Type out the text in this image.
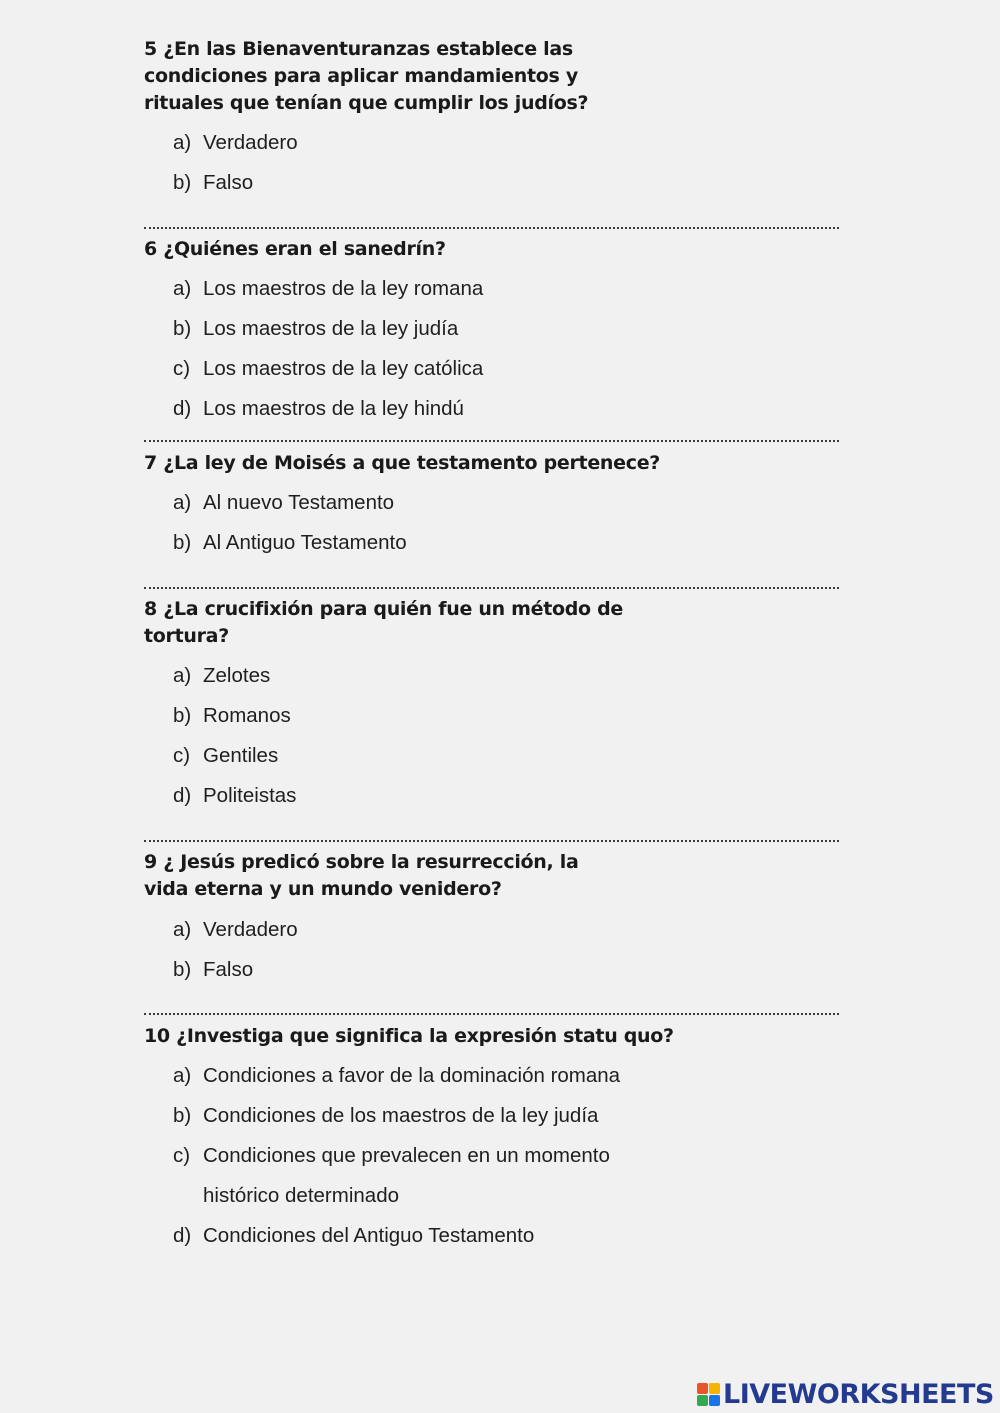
5 ¿En las Bienaventuranzas establece las
condiciones para aplicar mandamientos y
rituales que tenían que cumplir los judíos?
a) Verdadero
b) Falso
6 ¿Quiénes eran el sanedrín?
a) Los maestros de la ley romana
b) Los maestros de la ley judía
c) Los maestros de la ley católica
d) Los maestros de la ley hindú
7 ¿La ley de Moisés a que testamento pertenece?
a) Al nuevo Testamento
b) Al Antiguo Testamento
8 ¿La crucifixión para quién fue un método de
tortura?
a) Zelotes
b) Romanos
c) Gentiles
d) Politeistas
9 ¿ Jesús predicó sobre la resurrección, la
vida eterna y un mundo venidero?
a) Verdadero
b) Falso
10 ¿Investiga que significa la expresión statu quo?
a) Condiciones a favor de la dominación romana
b) Condiciones de los maestros de la ley judía
c) Condiciones que prevalecen en un momento
histórico determinado
d) Condiciones del Antiguo Testamento
LIVEWORKSHEETS
